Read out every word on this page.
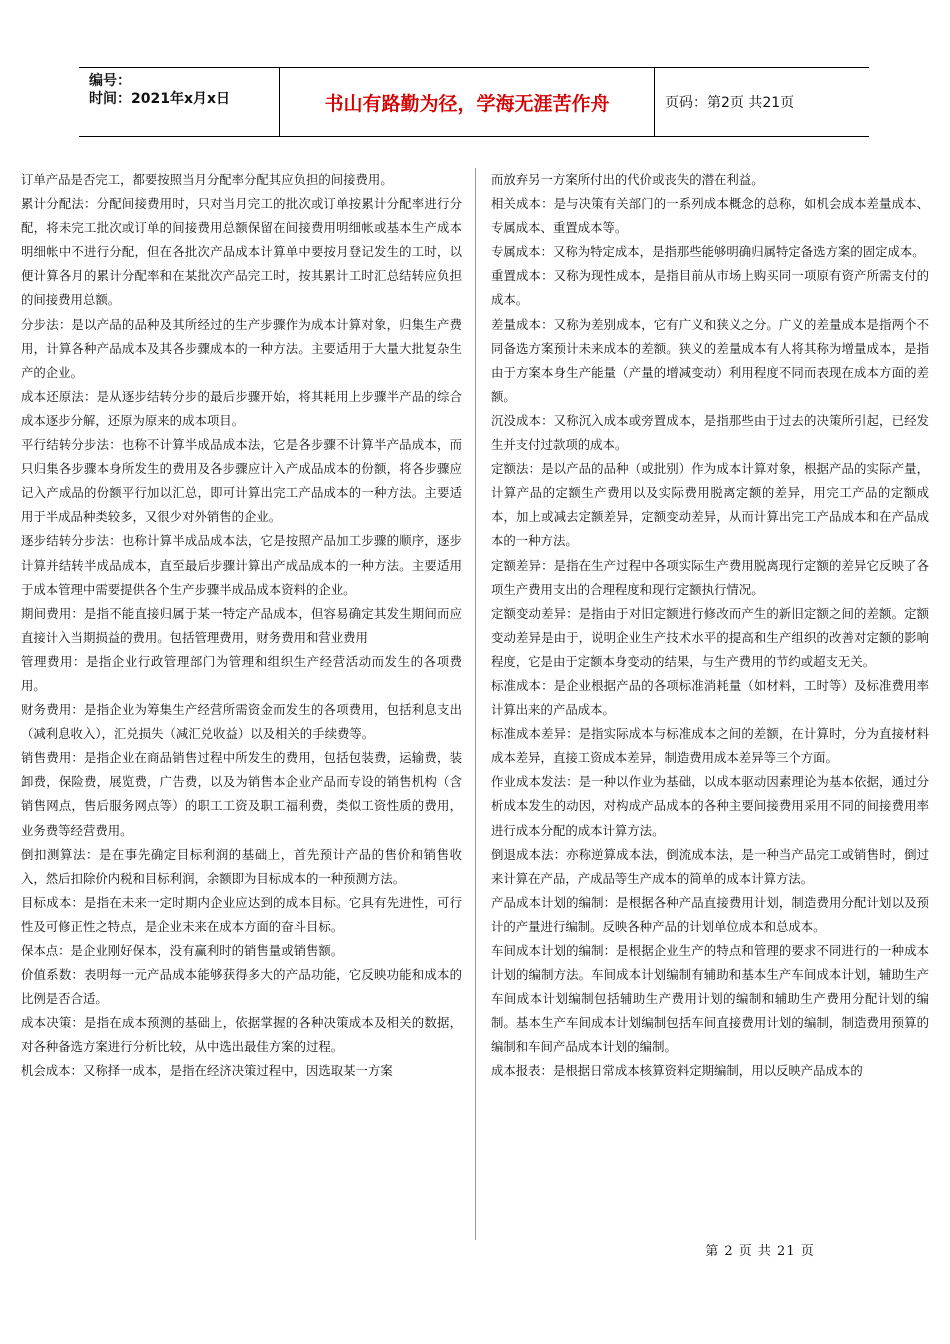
编号：
时间：2021年x月x日	书山有路勤为径，学海无涯苦作舟	页码：第2页 共21页

订单产品是否完工，都要按照当月分配率分配其应负担的间接费用。

累计分配法：分配间接费用时，只对当月完工的批次或订单按累计分配率进行分配，将未完工批次或订单的间接费用总额保留在间接费用明细帐或基本生产成本明细帐中不进行分配，但在各批次产品成本计算单中要按月登记发生的工时，以便计算各月的累计分配率和在某批次产品完工时，按其累计工时汇总结转应负担的间接费用总额。

分步法：是以产品的品种及其所经过的生产步骤作为成本计算对象，归集生产费用，计算各种产品成本及其各步骤成本的一种方法。主要适用于大量大批复杂生产的企业。

成本还原法：是从逐步结转分步的最后步骤开始，将其耗用上步骤半产品的综合成本逐步分解，还原为原来的成本项目。

平行结转分步法：也称不计算半成品成本法，它是各步骤不计算半产品成本，而只归集各步骤本身所发生的费用及各步骤应计入产成品成本的份额，将各步骤应记入产成品的份额平行加以汇总，即可计算出完工产品成本的一种方法。主要适用于半成品种类较多，又很少对外销售的企业。

逐步结转分步法：也称计算半成品成本法，它是按照产品加工步骤的顺序，逐步计算并结转半成品成本，直至最后步骤计算出产成品成本的一种方法。主要适用于成本管理中需要提供各个生产步骤半成品成本资料的企业。

期间费用：是指不能直接归属于某一特定产品成本，但容易确定其发生期间而应直接计入当期损益的费用。包括管理费用，财务费用和营业费用

管理费用：是指企业行政管理部门为管理和组织生产经营活动而发生的各项费用。

财务费用：是指企业为筹集生产经营所需资金而发生的各项费用，包括利息支出（减利息收入），汇兑损失（减汇兑收益）以及相关的手续费等。

销售费用：是指企业在商品销售过程中所发生的费用，包括包装费，运输费，装卸费，保险费，展览费，广告费，以及为销售本企业产品而专设的销售机构（含销售网点，售后服务网点等）的职工工资及职工福利费，类似工资性质的费用，业务费等经营费用。

倒扣测算法：是在事先确定目标利润的基础上，首先预计产品的售价和销售收入，然后扣除价内税和目标利润，余额即为目标成本的一种预测方法。

目标成本：是指在未来一定时期内企业应达到的成本目标。它具有先进性，可行性及可修正性之特点，是企业未来在成本方面的奋斗目标。

保本点：是企业刚好保本，没有赢利时的销售量或销售额。

价值系数：表明每一元产品成本能够获得多大的产品功能，它反映功能和成本的比例是否合适。

成本决策：是指在成本预测的基础上，依据掌握的各种决策成本及相关的数据，对各种备选方案进行分析比较，从中选出最佳方案的过程。

机会成本：又称择一成本，是指在经济决策过程中，因选取某一方案

而放弃另一方案所付出的代价或丧失的潜在利益。

相关成本：是与决策有关部门的一系列成本概念的总称，如机会成本差量成本、专属成本、重置成本等。

专属成本：又称为特定成本，是指那些能够明确归属特定备选方案的固定成本。

重置成本：又称为现性成本，是指目前从市场上购买同一项原有资产所需支付的成本。

差量成本：又称为差别成本，它有广义和狭义之分。广义的差量成本是指两个不同备选方案预计未来成本的差额。狭义的差量成本有人将其称为增量成本，是指由于方案本身生产能量（产量的增减变动）利用程度不同而表现在成本方面的差额。

沉没成本：又称沉入成本或旁置成本，是指那些由于过去的决策所引起，已经发生并支付过款项的成本。

定额法：是以产品的品种（或批别）作为成本计算对象，根据产品的实际产量，计算产品的定额生产费用以及实际费用脱离定额的差异，用完工产品的定额成本，加上或减去定额差异，定额变动差异，从而计算出完工产品成本和在产品成本的一种方法。

定额差异：是指在生产过程中各项实际生产费用脱离现行定额的差异它反映了各项生产费用支出的合理程度和现行定额执行情况。

定额变动差异：是指由于对旧定额进行修改而产生的新旧定额之间的差额。定额变动差异是由于，说明企业生产技术水平的提高和生产组织的改善对定额的影响程度，它是由于定额本身变动的结果，与生产费用的节约或超支无关。

标准成本：是企业根据产品的各项标准消耗量（如材料，工时等）及标准费用率计算出来的产品成本。

标准成本差异：是指实际成本与标准成本之间的差额，在计算时，分为直接材料成本差异，直接工资成本差异，制造费用成本差异等三个方面。

作业成本发法：是一种以作业为基础，以成本驱动因素理论为基本依据，通过分析成本发生的动因，对构成产品成本的各种主要间接费用采用不同的间接费用率进行成本分配的成本计算方法。

倒退成本法：亦称逆算成本法，倒流成本法，是一种当产品完工或销售时，倒过来计算在产品，产成品等生产成本的简单的成本计算方法。

产品成本计划的编制：是根据各种产品直接费用计划，制造费用分配计划以及预计的产量进行编制。反映各种产品的计划单位成本和总成本。

车间成本计划的编制：是根据企业生产的特点和管理的要求不同进行的一种成本计划的编制方法。车间成本计划编制有辅助和基本生产车间成本计划，辅助生产车间成本计划编制包括辅助生产费用计划的编制和辅助生产费用分配计划的编制。基本生产车间成本计划编制包括车间直接费用计划的编制，制造费用预算的编制和车间产品成本计划的编制。

成本报表：是根据日常成本核算资料定期编制，用以反映产品成本的

第 2 页 共 21 页
